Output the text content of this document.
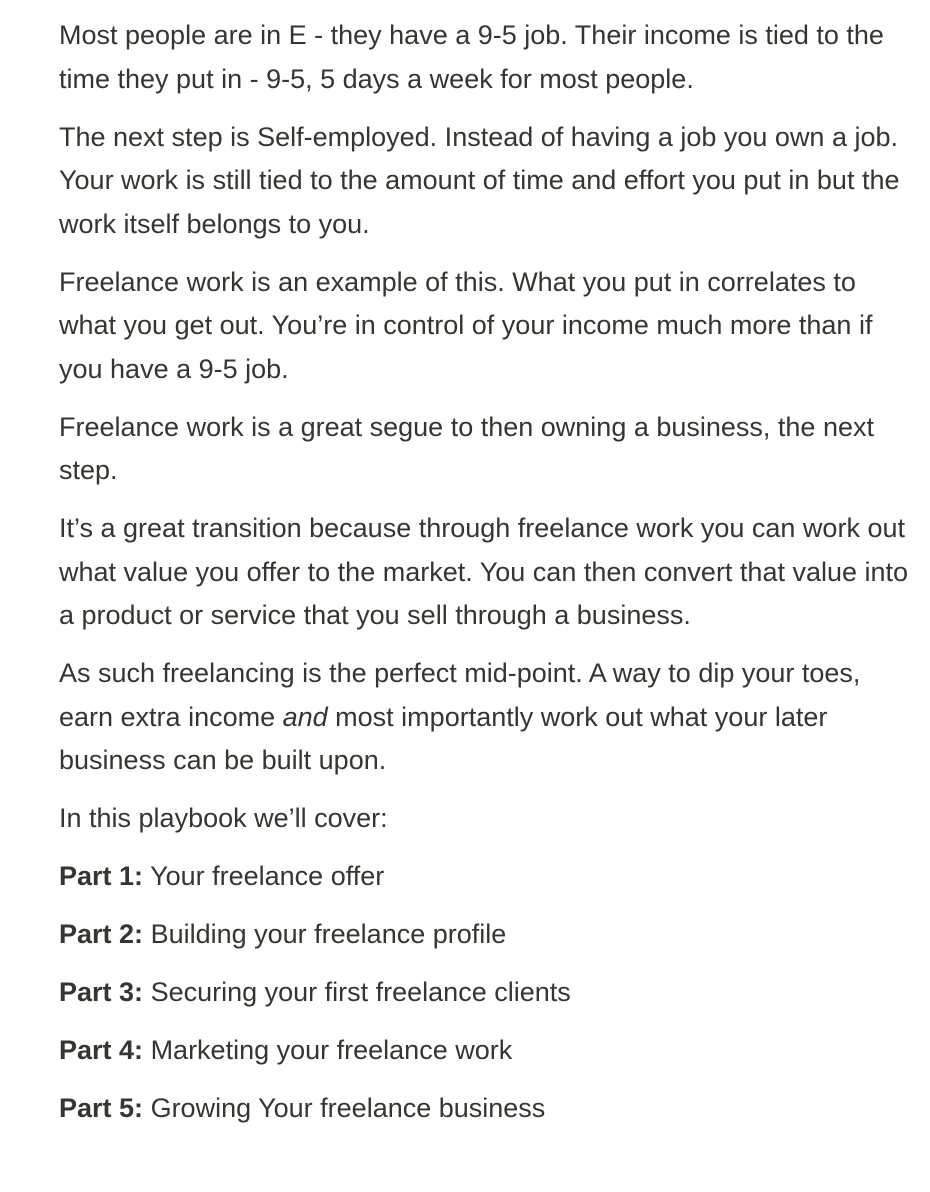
Most people are in E - they have a 9-5 job. Their income is tied to the time they put in - 9-5, 5 days a week for most people.

The next step is Self-employed. Instead of having a job you own a job. Your work is still tied to the amount of time and effort you put in but the work itself belongs to you.

Freelance work is an example of this. What you put in correlates to what you get out. You’re in control of your income much more than if you have a 9-5 job.

Freelance work is a great segue to then owning a business, the next step.

It’s a great transition because through freelance work you can work out what value you offer to the market. You can then convert that value into a product or service that you sell through a business.

As such freelancing is the perfect mid-point. A way to dip your toes, earn extra income and most importantly work out what your later business can be built upon.

In this playbook we’ll cover:

Part 1: Your freelance offer

Part 2: Building your freelance profile

Part 3: Securing your first freelance clients

Part 4: Marketing your freelance work

Part 5: Growing Your freelance business
